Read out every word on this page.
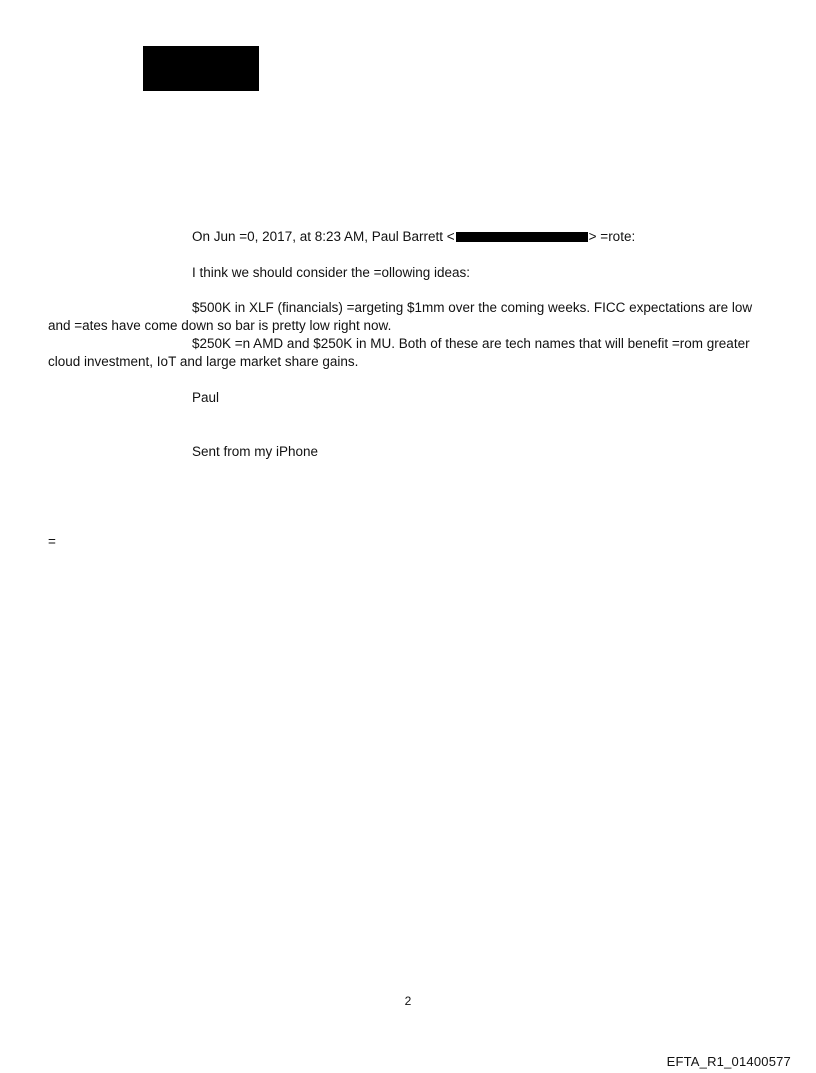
On Jun =0, 2017, at 8:23 AM, Paul Barrett <	> =rote:
I think we should consider the =ollowing ideas:
$500K in XLF (financials) =argeting $1mm over the coming weeks. FICC expectations are low and =ates have come down so bar is pretty low right now.
$250K =n AMD and $250K in MU. Both of these are tech names that will benefit =rom greater cloud investment, IoT and large market share gains.
Paul
Sent from my iPhone
=
2
EFTA_R1_01400577
